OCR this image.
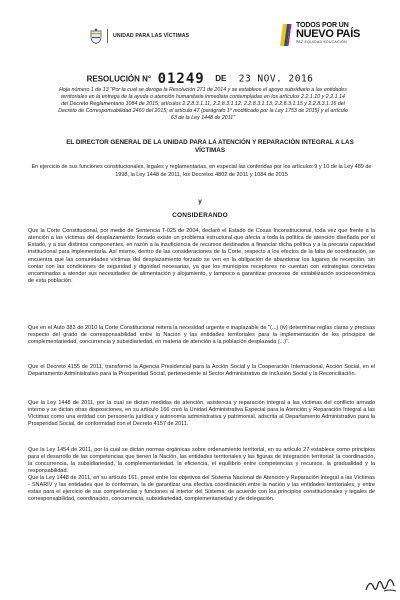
UNIDAD PARA LAS VÍCTIMAS
TODOS POR UN
NUEVO PAÍS
PAZ EQUIDAD EDUCACIÓN
RESOLUCIÓN N° 01249 DE 23 NOV. 2016
Hoja número 1 de 13 "Por la cual se deroga la Resolución 271 de 2014 y se establece el apoyo subsidiario a las entidades territoriales en la entrega de la ayuda o atención humanitaria inmediata contempladas en los artículos 2.2.1.10 y 2.2.1.14 del Decreto Reglamentario 1084 de 2015; artículos 2.2.8.3.1.11, 2.2.8.3.1.12, 2.2.8.3.1.13, 2.2.8.3.1.15 y 2.2.8.3.1.16 del Decreto de Corresponsabilidad 2460 del 2015; el artículo 47 (parágrafo 1º modificado por la Ley 1753 de 2015) y el artículo 63 de la Ley 1448 de 2011"
EL DIRECTOR GENERAL DE LA UNIDAD PARA LA ATENCIÓN Y REPARACIÓN INTEGRAL A LAS VÍCTIMAS
En ejercicio de sus funciones constitucionales, legales y reglamentarias, en especial las conferidas por los artículos 9 y 10 de la Ley 489 de 1998, la Ley 1448 de 2011, los Decretos 4802 de 2011 y 1084 de 2015
y
CONSIDERANDO

Que la Corte Constitucional, por medio de Sentencia T-025 de 2004, declaró el Estado de Cosas Inconstitucional, toda vez que frente a la atención a las víctimas del desplazamiento forzado existe un problema estructural que afecta a toda la política de atención diseñada por el Estado, y a sus distintos componentes, en razón a la insuficiencia de recursos destinados a financiar dicha política y a la precaria capacidad institucional para implementarla. Así mismo, dentro de las consideraciones de la Corte, respecto a los efectos de la falta de coordinación, se encuentra que las comunidades víctimas del desplazamiento forzado se ven en la obligación de abandonar los lugares de recepción, sin contar con las condiciones de seguridad y dignidad necesarias, ya que los municipios receptores no cuentan con estrategias concretas encaminadas a atender sus necesidades de alimentación y alojamiento, y tampoco a garantizar procesos de estabilización socioeconómica de esta población.

Que en el Auto 383 de 2010 la Corte Constitucional reitera la necesidad urgente e inaplazable de "(...) (iv) determinar reglas claras y precisas respecto del grado de corresponsabilidad entre la Nación y las entidades territoriales para la implementación de los principios de complementariedad, concurrencia y subsidiariedad, en materia de atención a la población desplazada (...)".

Que el Decreto 4155 de 2011, transformó la Agencia Presidencial para la Acción Social y la Cooperación Internacional, Acción Social, en el Departamento Administrativo para la Prosperidad Social, perteneciente al Sector Administrativo de Inclusión Social y la Reconciliación.

Que la Ley 1448 de 2011, por la cual se dictan medidas de atención, asistencia y reparación integral a las víctimas del conflicto armado interno y se dictan otras disposiciones, en su artículo 166 creó la Unidad Administrativa Especial para la Atención y Reparación Integral a las Víctimas como una entidad con personería jurídica y autonomía administrativa y patrimonial, adscrita al Departamento Administrativo para la Prosperidad Social, de conformidad con el Decreto 4157 de 2011.

Que la Ley 1454 de 2011, por la cual se dictan normas orgánicas sobre ordenamiento territorial, en su artículo 27 establece como principios para el desarrollo de las competencias que tienen la Nación, las entidades territoriales y las figuras de integración territorial: la coordinación, la concurrencia, la subsidiariedad, la complementariedad, la eficiencia, el equilibrio entre competencias y recursos, la gradualidad y la responsabilidad.

Que la Ley 1448 de 2011, en su artículo 161, prevé entre los objetivos del Sistema Nacional de Atención y Reparación Integral a las Víctimas - SNARIV y las entidades que lo conforman, la de garantizar una efectiva coordinación entre la nación y las entidades territoriales, y entre estas para el ejercicio de sus competencias y funciones al interior del Sistema; de acuerdo con los principios constitucionales y legales de corresponsabilidad, coordinación, concurrencia, subsidiariedad, complementariedad y de delegación.
